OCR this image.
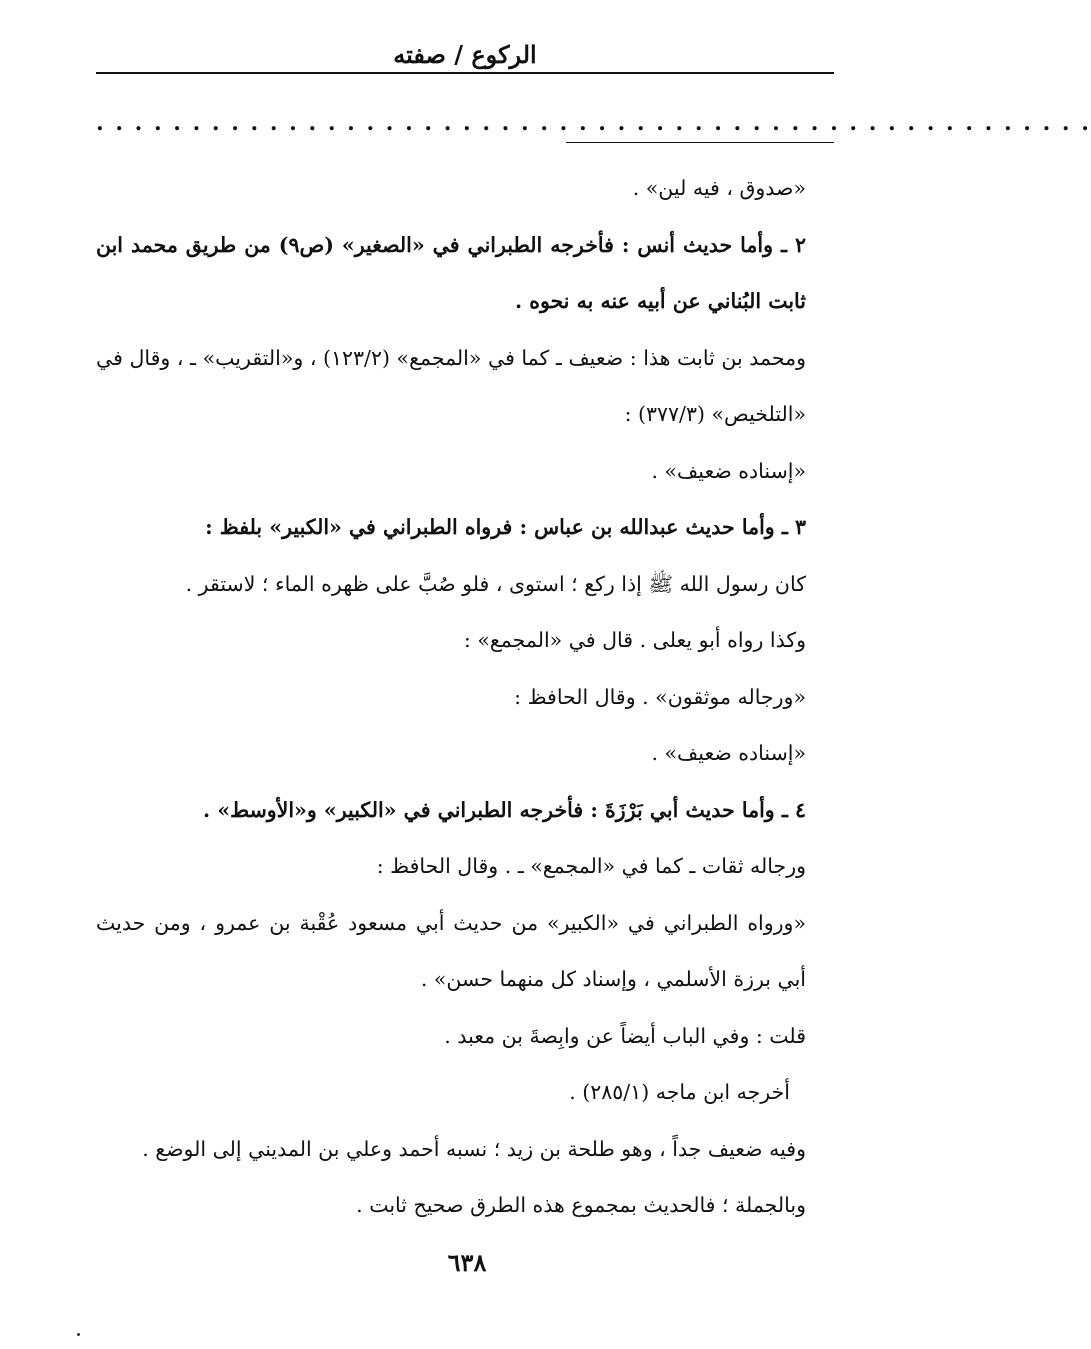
الركوع / صفته
. . . . . . . . . . . . . . . . . . . . . . . . . . . . . . . . . . . . . . . . . . . . . . . . . . . .

«صدوق ، فيه لين» .

٢ ـ وأما حديث أنس : فأخرجه الطبراني في «الصغير» (ص٩) من طريق محمد ابن ثابت البُناني عن أبيه عنه به نحوه .

ومحمد بن ثابت هذا : ضعيف ـ كما في «المجمع» (١٢٣/٢) ، و«التقريب» ـ ، وقال في «التلخيص» (٣٧٧/٣) :

«إسناده ضعيف» .

٣ ـ وأما حديث عبدالله بن عباس : فرواه الطبراني في «الكبير» بلفظ :

كان رسول الله ﷺ إذا ركع ؛ استوى ، فلو صُبَّ على ظهره الماء ؛ لاستقر .

وكذا رواه أبو يعلى . قال في «المجمع» :

«ورجاله موثقون» . وقال الحافظ :

«إسناده ضعيف» .

٤ ـ وأما حديث أبي بَرْزَةَ : فأخرجه الطبراني في «الكبير» و«الأوسط» .

ورجاله ثقات ـ كما في «المجمع» ـ . وقال الحافظ :

«ورواه الطبراني في «الكبير» من حديث أبي مسعود عُقْبة بن عمرو ، ومن حديث أبي برزة الأسلمي ، وإسناد كل منهما حسن» .

قلت : وفي الباب أيضاً عن وابِصةَ بن معبد .

أخرجه ابن ماجه (٢٨٥/١) .

وفيه ضعيف جداً ، وهو طلحة بن زيد ؛ نسبه أحمد وعلي بن المديني إلى الوضع .

وبالجملة ؛ فالحديث بمجموع هذه الطرق صحيح ثابت .

٦٣٨
